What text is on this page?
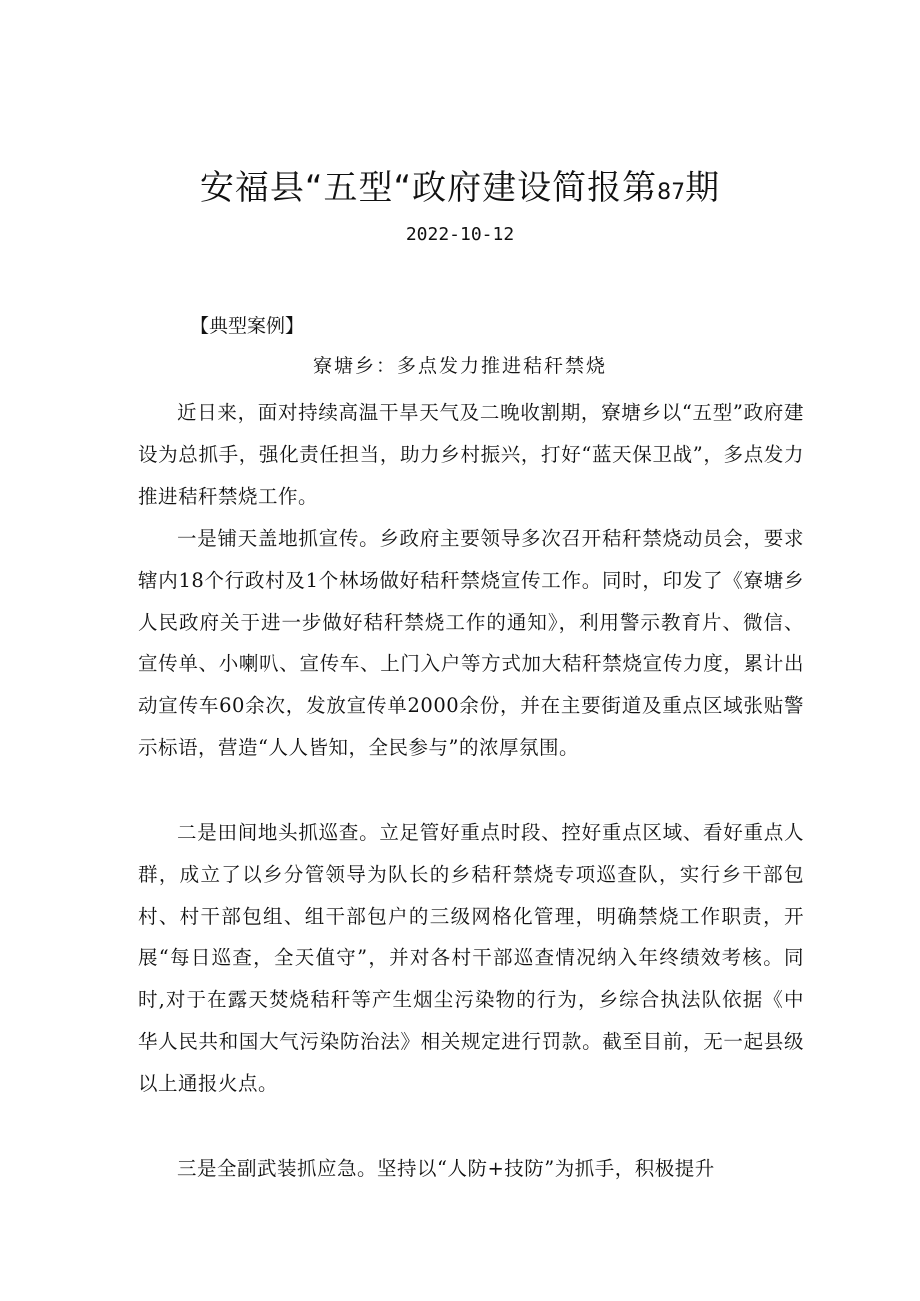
安福县“五型“政府建设简报第87期
2022-10-12
【典型案例】
寮塘乡：多点发力推进秸秆禁烧

近日来，面对持续高温干旱天气及二晚收割期，寮塘乡以“五型”政府建设为总抓手，强化责任担当，助力乡村振兴，打好“蓝天保卫战”，多点发力推进秸秆禁烧工作。

一是铺天盖地抓宣传。乡政府主要领导多次召开秸秆禁烧动员会，要求辖内18个行政村及1个林场做好秸秆禁烧宣传工作。同时，印发了《寮塘乡人民政府关于进一步做好秸秆禁烧工作的通知》，利用警示教育片、微信、宣传单、小喇叭、宣传车、上门入户等方式加大秸秆禁烧宣传力度，累计出动宣传车60余次，发放宣传单2000余份，并在主要街道及重点区域张贴警示标语，营造“人人皆知，全民参与”的浓厚氛围。

二是田间地头抓巡查。立足管好重点时段、控好重点区域、看好重点人群，成立了以乡分管领导为队长的乡秸秆禁烧专项巡查队，实行乡干部包村、村干部包组、组干部包户的三级网格化管理，明确禁烧工作职责，开展“每日巡查，全天值守”，并对各村干部巡查情况纳入年终绩效考核。同时,对于在露天焚烧秸秆等产生烟尘污染物的行为，乡综合执法队依据《中华人民共和国大气污染防治法》相关规定进行罚款。截至目前，无一起县级以上通报火点。

三是全副武装抓应急。坚持以“人防+技防”为抓手，积极提升
